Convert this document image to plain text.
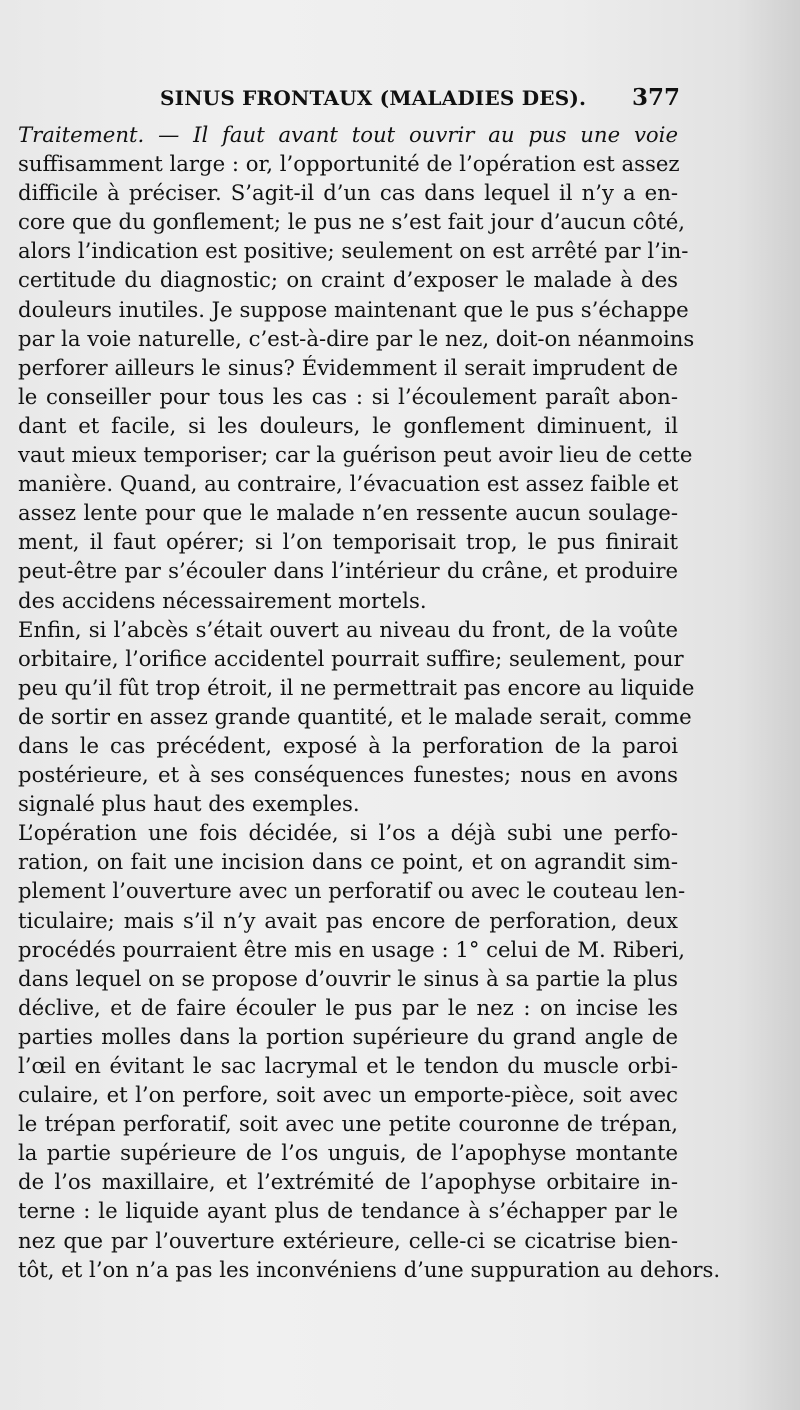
SINUS FRONTAUX (MALADIES DES). 377
Traitement. — Il faut avant tout ouvrir au pus une voie
suffisamment large : or, l’opportunité de l’opération est assez
difficile à préciser. S’agit-il d’un cas dans lequel il n’y a en-
core que du gonflement; le pus ne s’est fait jour d’aucun côté,
alors l’indication est positive; seulement on est arrêté par l’in-
certitude du diagnostic; on craint d’exposer le malade à des
douleurs inutiles. Je suppose maintenant que le pus s’échappe
par la voie naturelle, c’est-à-dire par le nez, doit-on néanmoins
perforer ailleurs le sinus? Évidemment il serait imprudent de
le conseiller pour tous les cas : si l’écoulement paraît abon-
dant et facile, si les douleurs, le gonflement diminuent, il
vaut mieux temporiser; car la guérison peut avoir lieu de cette
manière. Quand, au contraire, l’évacuation est assez faible et
assez lente pour que le malade n’en ressente aucun soulage-
ment, il faut opérer; si l’on temporisait trop, le pus finirait
peut-être par s’écouler dans l’intérieur du crâne, et produire
des accidens nécessairement mortels.
Enfin, si l’abcès s’était ouvert au niveau du front, de la voûte
orbitaire, l’orifice accidentel pourrait suffire; seulement, pour
peu qu’il fût trop étroit, il ne permettrait pas encore au liquide
de sortir en assez grande quantité, et le malade serait, comme
dans le cas précédent, exposé à la perforation de la paroi
postérieure, et à ses conséquences funestes; nous en avons
signalé plus haut des exemples.
L’opération une fois décidée, si l’os a déjà subi une perfo-
ration, on fait une incision dans ce point, et on agrandit sim-
plement l’ouverture avec un perforatif ou avec le couteau len-
ticulaire; mais s’il n’y avait pas encore de perforation, deux
procédés pourraient être mis en usage : 1° celui de M. Riberi,
dans lequel on se propose d’ouvrir le sinus à sa partie la plus
déclive, et de faire écouler le pus par le nez : on incise les
parties molles dans la portion supérieure du grand angle de
l’œil en évitant le sac lacrymal et le tendon du muscle orbi-
culaire, et l’on perfore, soit avec un emporte-pièce, soit avec
le trépan perforatif, soit avec une petite couronne de trépan,
la partie supérieure de l’os unguis, de l’apophyse montante
de l’os maxillaire, et l’extrémité de l’apophyse orbitaire in-
terne : le liquide ayant plus de tendance à s’échapper par le
nez que par l’ouverture extérieure, celle-ci se cicatrise bien-
tôt, et l’on n’a pas les inconvéniens d’une suppuration au dehors.
